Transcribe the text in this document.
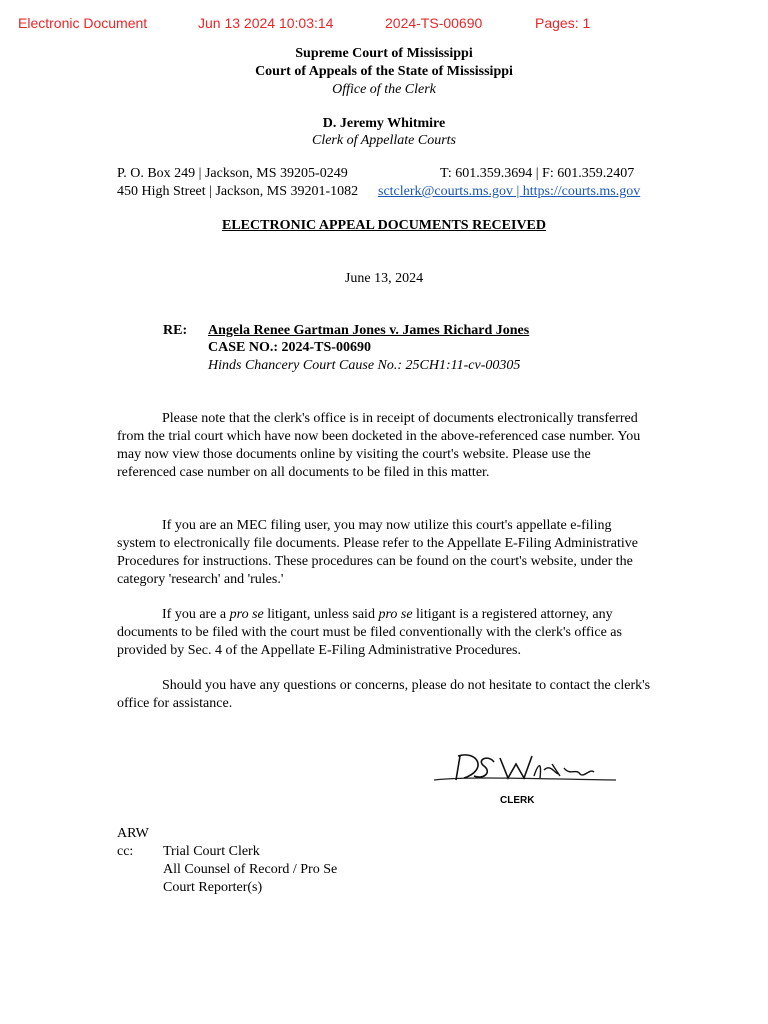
Electronic Document	Jun 13 2024 10:03:14	2024-TS-00690	Pages: 1
Supreme Court of Mississippi
Court of Appeals of the State of Mississippi
Office of the Clerk
D. Jeremy Whitmire
Clerk of Appellate Courts
P. O. Box 249 | Jackson, MS 39205-0249	T: 601.359.3694 | F: 601.359.2407
450 High Street | Jackson, MS 39201-1082 sctclerk@courts.ms.gov | https://courts.ms.gov
ELECTRONIC APPEAL DOCUMENTS RECEIVED
June 13, 2024
RE: Angela Renee Gartman Jones v. James Richard Jones
CASE NO.: 2024-TS-00690
Hinds Chancery Court Cause No.: 25CH1:11-cv-00305

Please note that the clerk's office is in receipt of documents electronically transferred from the trial court which have now been docketed in the above-referenced case number. You may now view those documents online by visiting the court's website. Please use the referenced case number on all documents to be filed in this matter.

If you are an MEC filing user, you may now utilize this court's appellate e-filing system to electronically file documents. Please refer to the Appellate E-Filing Administrative Procedures for instructions. These procedures can be found on the court's website, under the category 'research' and 'rules.'

If you are a pro se litigant, unless said pro se litigant is a registered attorney, any documents to be filed with the court must be filed conventionally with the clerk's office as provided by Sec. 4 of the Appellate E-Filing Administrative Procedures.

Should you have any questions or concerns, please do not hesitate to contact the clerk's office for assistance.

CLERK
ARW
cc: Trial Court Clerk
All Counsel of Record / Pro Se
Court Reporter(s)
